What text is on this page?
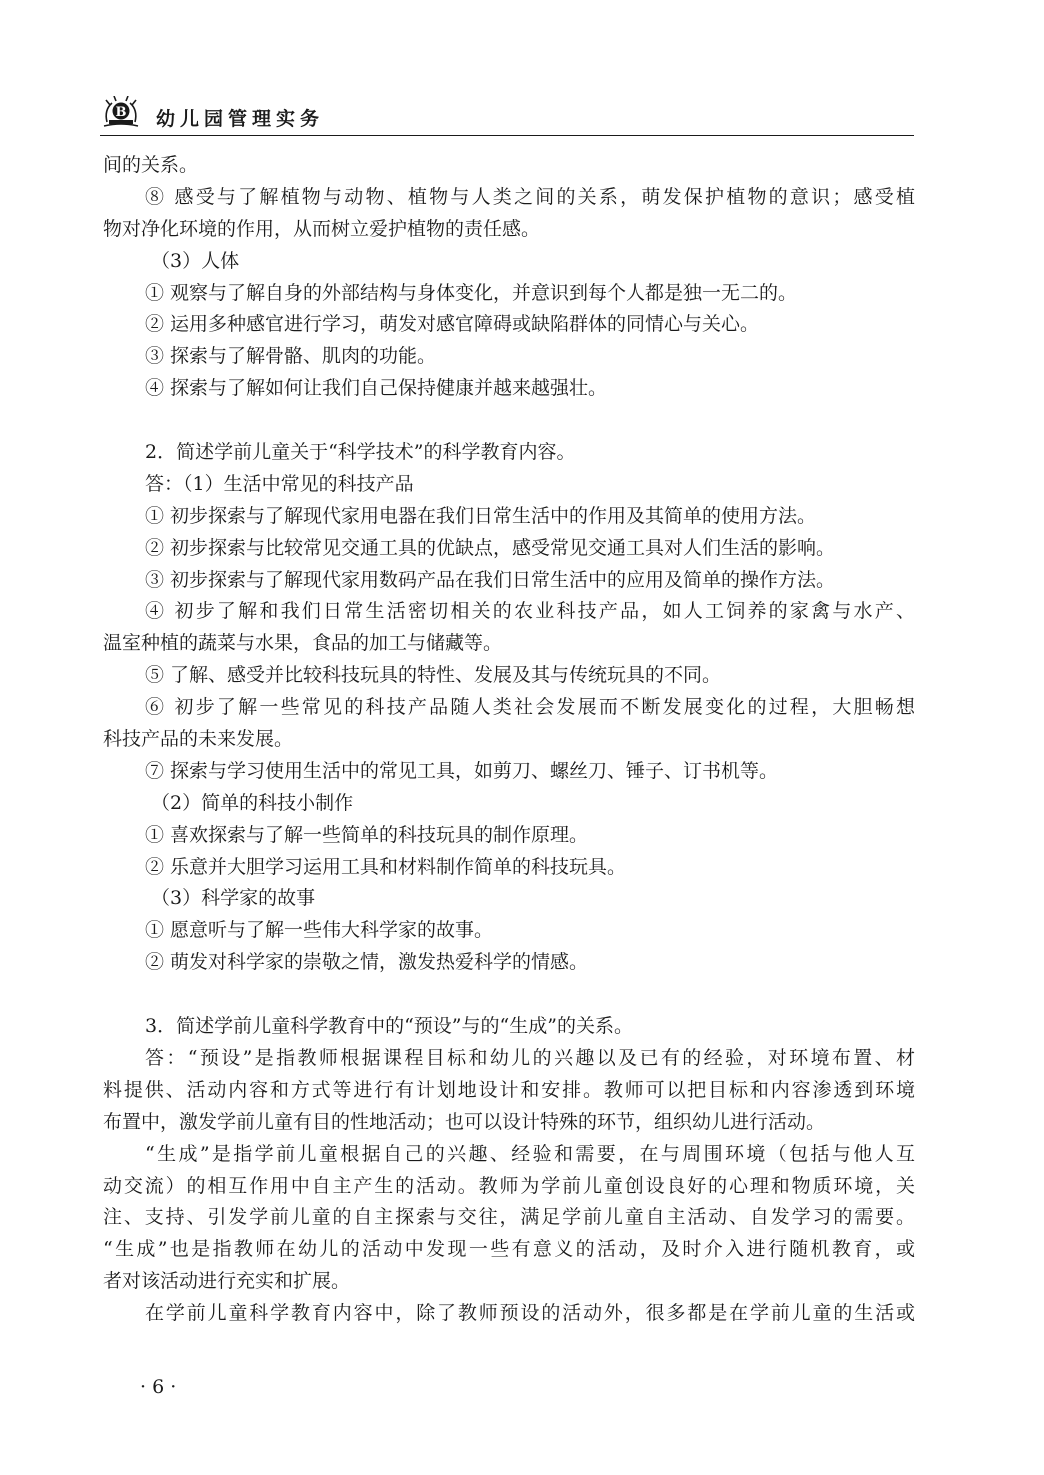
B 幼儿园管理实务
间的关系。
⑧ 感受与了解植物与动物、植物与人类之间的关系，萌发保护植物的意识；感受植
物对净化环境的作用，从而树立爱护植物的责任感。
（3）人体
① 观察与了解自身的外部结构与身体变化，并意识到每个人都是独一无二的。
② 运用多种感官进行学习，萌发对感官障碍或缺陷群体的同情心与关心。
③ 探索与了解骨骼、肌肉的功能。
④ 探索与了解如何让我们自己保持健康并越来越强壮。
2．简述学前儿童关于“科学技术”的科学教育内容。
答：（1）生活中常见的科技产品
① 初步探索与了解现代家用电器在我们日常生活中的作用及其简单的使用方法。
② 初步探索与比较常见交通工具的优缺点，感受常见交通工具对人们生活的影响。
③ 初步探索与了解现代家用数码产品在我们日常生活中的应用及简单的操作方法。
④ 初步了解和我们日常生活密切相关的农业科技产品，如人工饲养的家禽与水产、
温室种植的蔬菜与水果，食品的加工与储藏等。
⑤ 了解、感受并比较科技玩具的特性、发展及其与传统玩具的不同。
⑥ 初步了解一些常见的科技产品随人类社会发展而不断发展变化的过程，大胆畅想
科技产品的未来发展。
⑦ 探索与学习使用生活中的常见工具，如剪刀、螺丝刀、锤子、订书机等。
（2）简单的科技小制作
① 喜欢探索与了解一些简单的科技玩具的制作原理。
② 乐意并大胆学习运用工具和材料制作简单的科技玩具。
（3）科学家的故事
① 愿意听与了解一些伟大科学家的故事。
② 萌发对科学家的崇敬之情，激发热爱科学的情感。
3．简述学前儿童科学教育中的“预设”与的“生成”的关系。
答：“预设”是指教师根据课程目标和幼儿的兴趣以及已有的经验，对环境布置、材
料提供、活动内容和方式等进行有计划地设计和安排。教师可以把目标和内容渗透到环境
布置中，激发学前儿童有目的性地活动；也可以设计特殊的环节，组织幼儿进行活动。
“生成”是指学前儿童根据自己的兴趣、经验和需要，在与周围环境（包括与他人互
动交流）的相互作用中自主产生的活动。教师为学前儿童创设良好的心理和物质环境，关
注、支持、引发学前儿童的自主探索与交往，满足学前儿童自主活动、自发学习的需要。
“生成”也是指教师在幼儿的活动中发现一些有意义的活动，及时介入进行随机教育，或
者对该活动进行充实和扩展。
在学前儿童科学教育内容中，除了教师预设的活动外，很多都是在学前儿童的生活或
· 6 ·
